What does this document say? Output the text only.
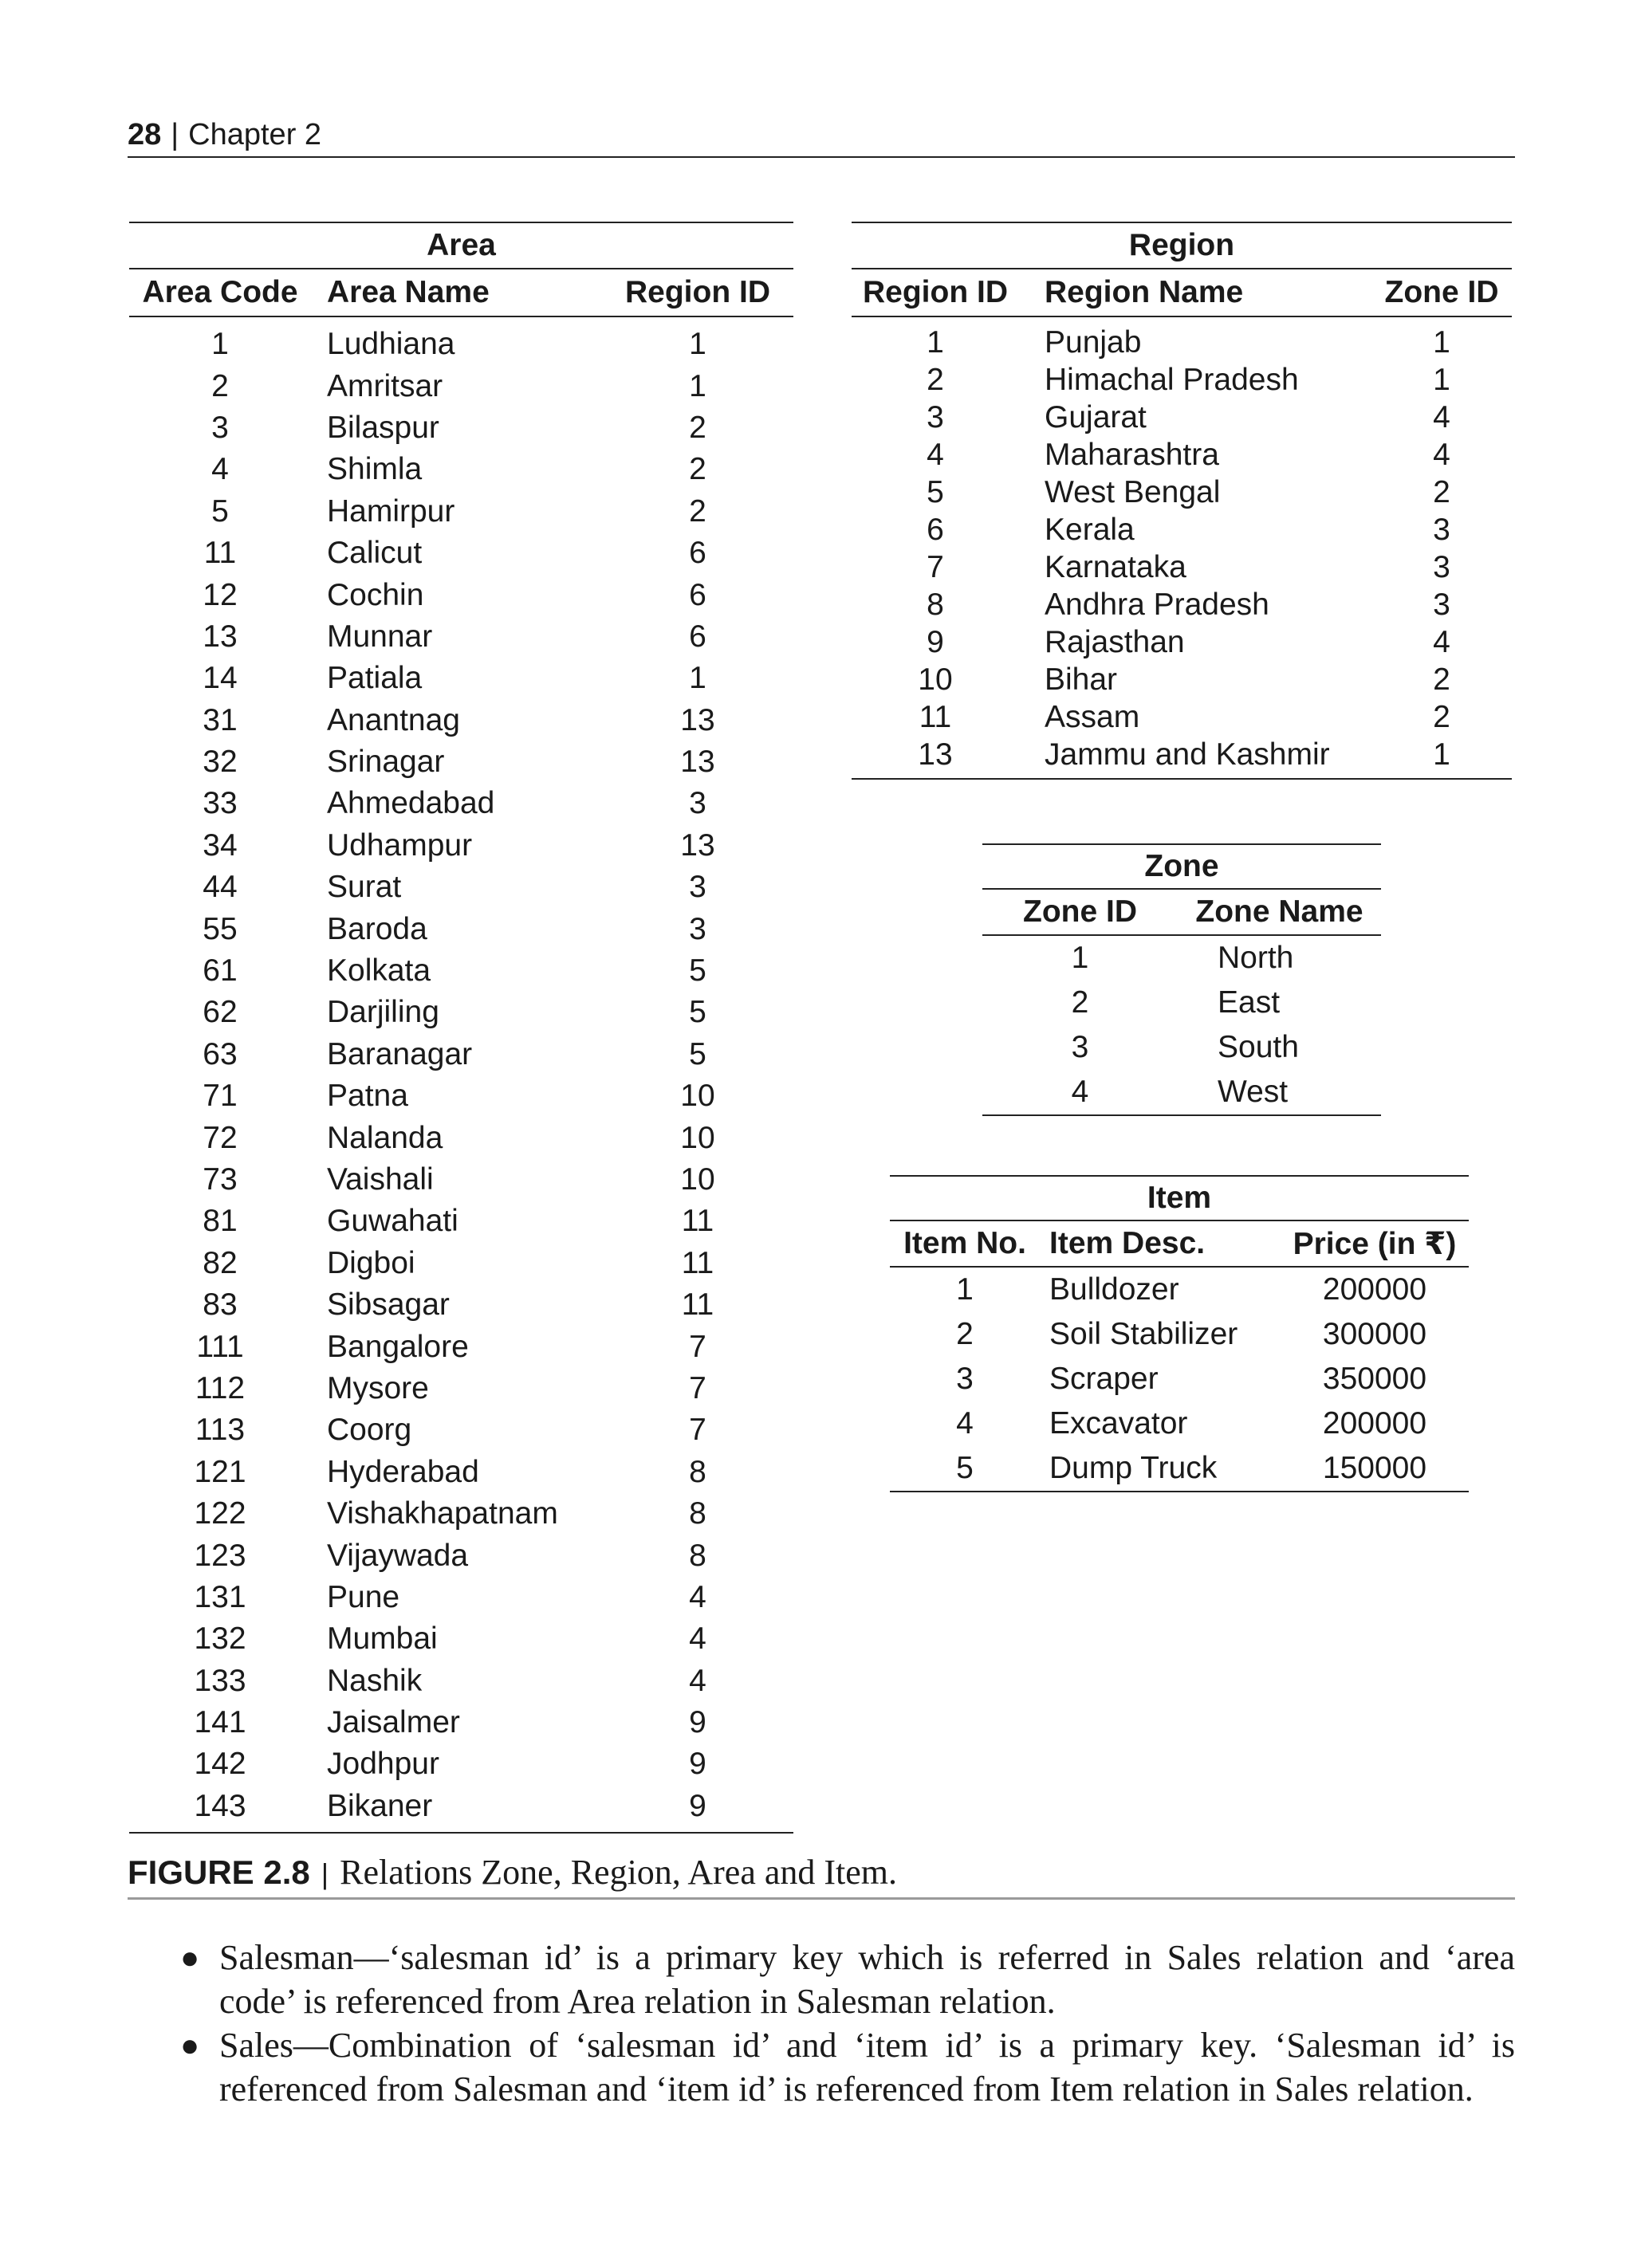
28 | Chapter 2
Area		
Area Code	Area Name	Region ID
1	Ludhiana	1
2	Amritsar	1
3	Bilaspur	2
4	Shimla	2
5	Hamirpur	2
11	Calicut	6
12	Cochin	6
13	Munnar	6
14	Patiala	1
31	Anantnag	13
32	Srinagar	13
33	Ahmedabad	3
34	Udhampur	13
44	Surat	3
55	Baroda	3
61	Kolkata	5
62	Darjiling	5
63	Baranagar	5
71	Patna	10
72	Nalanda	10
73	Vaishali	10
81	Guwahati	11
82	Digboi	11
83	Sibsagar	11
111	Bangalore	7
112	Mysore	7
113	Coorg	7
121	Hyderabad	8
122	Vishakhapatnam	8
123	Vijaywada	8
131	Pune	4
132	Mumbai	4
133	Nashik	4
141	Jaisalmer	9
142	Jodhpur	9
143	Bikaner	9
Region		
Region ID	Region Name	Zone ID
1	Punjab	1
2	Himachal Pradesh	1
3	Gujarat	4
4	Maharashtra	4
5	West Bengal	2
6	Kerala	3
7	Karnataka	3
8	Andhra Pradesh	3
9	Rajasthan	4
10	Bihar	2
11	Assam	2
13	Jammu and Kashmir	1
Zone	
Zone ID	Zone Name
1	North
2	East
3	South
4	West
Item		
Item No.	Item Desc.	Price (in ₹)
1	Bulldozer	200000
2	Soil Stabilizer	300000
3	Scraper	350000
4	Excavator	200000
5	Dump Truck	150000
FIGURE 2.8 | Relations Zone, Region, Area and Item.
● Salesman—‘salesman id’ is a primary key which is referred in Sales relation and ‘area code’ is referenced from Area relation in Salesman relation.
● Sales—Combination of ‘salesman id’ and ‘item id’ is a primary key. ‘Salesman id’ is referenced from Salesman and ‘item id’ is referenced from Item relation in Sales relation.
